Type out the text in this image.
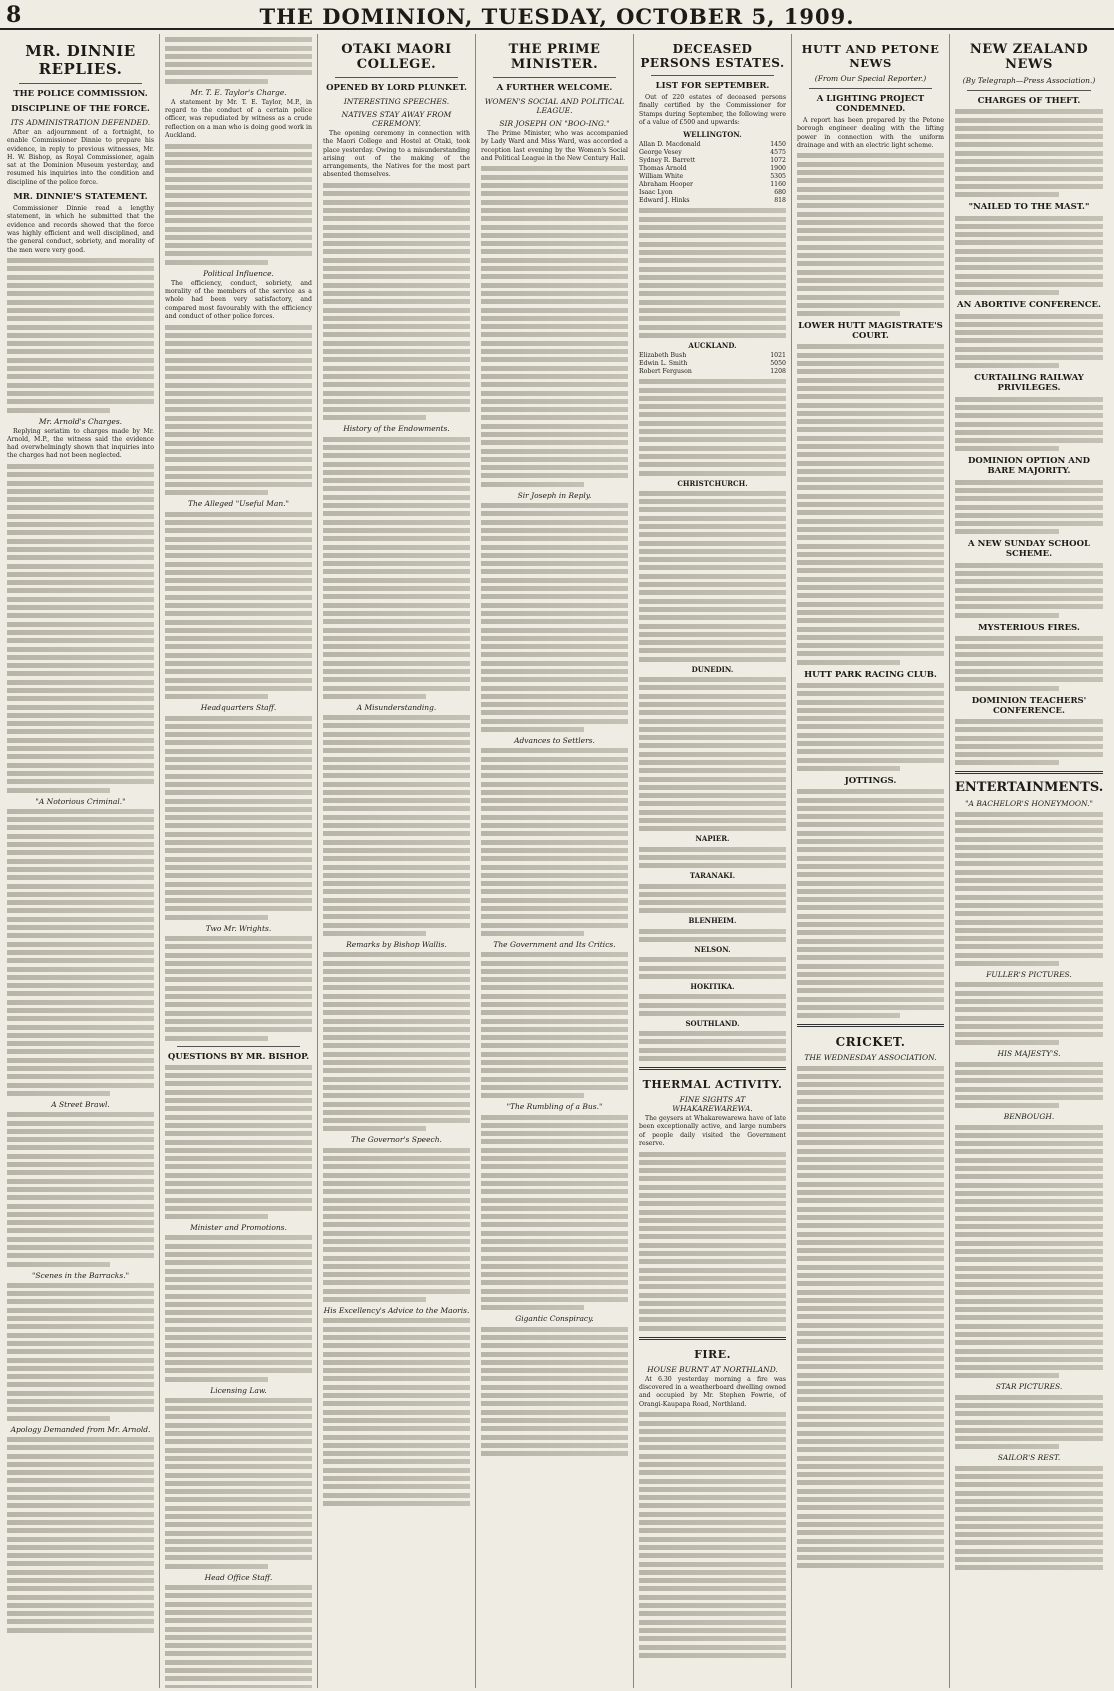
8	THE DOMINION, TUESDAY, OCTOBER 5, 1909.
MR. DINNIE REPLIES.
THE POLICE COMMISSION.
DISCIPLINE OF THE FORCE.
ITS ADMINISTRATION DEFENDED.

After an adjournment of a fortnight, to enable Commissioner Dinnie to prepare his evidence, in reply to previous witnesses, Mr. H. W. Bishop, as Royal Commissioner, again sat at the Dominion Museum yesterday, and resumed his inquiries into the condition and discipline of the police force.

MR. DINNIE'S STATEMENT.

Commissioner Dinnie read a lengthy statement, in which he submitted that the evidence and records showed that the force was highly efficient and well disciplined, and the general conduct, sobriety, and morality of the men were very good.

Mr. Arnold's Charges.

Replying seriatim to charges made by Mr. Arnold, M.P., the witness said the evidence had overwhelmingly shown that inquiries into the charges had not been neglected.

"A Notorious Criminal."
A Street Brawl.
"Scenes in the Barracks."
Apology Demanded from Mr. Arnold.
Mr. T. E. Taylor's Charge.

A statement by Mr. T. E. Taylor, M.P., in regard to the conduct of a certain police officer, was repudiated by witness as a crude reflection on a man who is doing good work in Auckland.

Political Influence.

The efficiency, conduct, sobriety, and morality of the members of the service as a whole had been very satisfactory, and compared most favourably with the efficiency and conduct of other police forces.

The Alleged "Useful Man."
Headquarters Staff.
Two Mr. Wrights.
QUESTIONS BY MR. BISHOP.
Minister and Promotions.
Licensing Law.
Head Office Staff.
OTAKI MAORI COLLEGE.
OPENED BY LORD PLUNKET.
INTERESTING SPEECHES.
NATIVES STAY AWAY FROM CEREMONY.

The opening ceremony in connection with the Maori College and Hostel at Otaki, took place yesterday. Owing to a misunderstanding arising out of the making of the arrangements, the Natives for the most part absented themselves.

History of the Endowments.
A Misunderstanding.
Remarks by Bishop Wallis.
The Governor's Speech.
His Excellency's Advice to the Maoris.
THE PRIME MINISTER.
A FURTHER WELCOME.
WOMEN'S SOCIAL AND POLITICAL LEAGUE.
SIR JOSEPH ON "BOO-ING."

The Prime Minister, who was accompanied by Lady Ward and Miss Ward, was accorded a reception last evening by the Women's Social and Political League in the New Century Hall.

Sir Joseph in Reply.
Advances to Settlers.
The Government and Its Critics.
"The Rumbling of a Bus."
Gigantic Conspiracy.
DECEASED PERSONS ESTATES.
LIST FOR SEPTEMBER.

Out of 220 estates of deceased persons finally certified by the Commissioner for Stamps during September, the following were of a value of £500 and upwards:

WELLINGTON.
Allan D. Macdonald	1450
George Vesey	4575
Sydney R. Barrett	1072
Thomas Arnold	1900
William White	5305
Abraham Hooper	1160
Isaac Lyon	680
Edward J. Hinks	818
AUCKLAND.
Elizabeth Bush	1021
Edwin L. Smith	5050
Robert Ferguson	1208
CHRISTCHURCH.
DUNEDIN.
NAPIER.
TARANAKI.
BLENHEIM.
NELSON.
HOKITIKA.
SOUTHLAND.
THERMAL ACTIVITY.
FINE SIGHTS AT WHAKAREWAREWA.

The geysers at Whakarewarewa have of late been exceptionally active, and large numbers of people daily visited the Government reserve.

FIRE.
HOUSE BURNT AT NORTHLAND.

At 6.30 yesterday morning a fire was discovered in a weatherboard dwelling owned and occupied by Mr. Stephen Fowrie, of Orangi-Kaupapa Road, Northland.

HUTT AND PETONE NEWS
(From Our Special Reporter.)
A LIGHTING PROJECT CONDEMNED.

A report has been prepared by the Petone borough engineer dealing with the lifting power in connection with the uniform drainage and with an electric light scheme.

LOWER HUTT MAGISTRATE'S COURT.
HUTT PARK RACING CLUB.
JOTTINGS.
CRICKET.
THE WEDNESDAY ASSOCIATION.
NEW ZEALAND NEWS
(By Telegraph—Press Association.)
CHARGES OF THEFT.
"NAILED TO THE MAST."
AN ABORTIVE CONFERENCE.
CURTAILING RAILWAY PRIVILEGES.
DOMINION OPTION AND BARE MAJORITY.
A NEW SUNDAY SCHOOL SCHEME.
MYSTERIOUS FIRES.
DOMINION TEACHERS' CONFERENCE.
ENTERTAINMENTS.
"A BACHELOR'S HONEYMOON."
FULLER'S PICTURES.
HIS MAJESTY'S.
BENBOUGH.
STAR PICTURES.
SAILOR'S REST.
